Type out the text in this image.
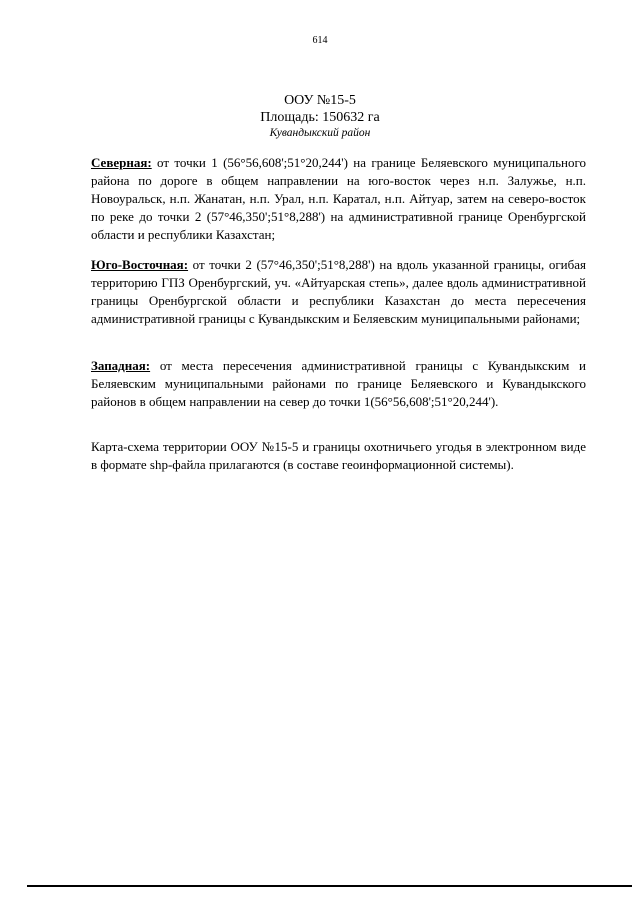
614
ООУ №15-5
Площадь: 150632 га
Кувандыкский район

Северная: от точки 1 (56°56,608';51°20,244') на границе Беляевского муниципального района по дороге в общем направлении на юго-восток через н.п. Залужье, н.п. Новоуральск, н.п. Жанатан, н.п. Урал, н.п. Каратал, н.п. Айтуар, затем на северо-восток по реке до точки 2 (57°46,350';51°8,288') на административной границе Оренбургской области и республики Казахстан;

Юго-Восточная: от точки 2 (57°46,350';51°8,288') на вдоль указанной границы, огибая территорию ГПЗ Оренбургский, уч. «Айтуарская степь», далее вдоль административной границы Оренбургской области и республики Казахстан до места пересечения административной границы с Кувандыкским и Беляевским муниципальными районами;

Западная: от места пересечения административной границы с Кувандыкским и Беляевским муниципальными районами по границе Беляевского и Кувандыкского районов в общем направлении на север до точки 1(56°56,608';51°20,244').

Карта-схема территории ООУ №15-5 и границы охотничьего угодья в электронном виде в формате shp-файла прилагаются (в составе геоинформационной системы).
